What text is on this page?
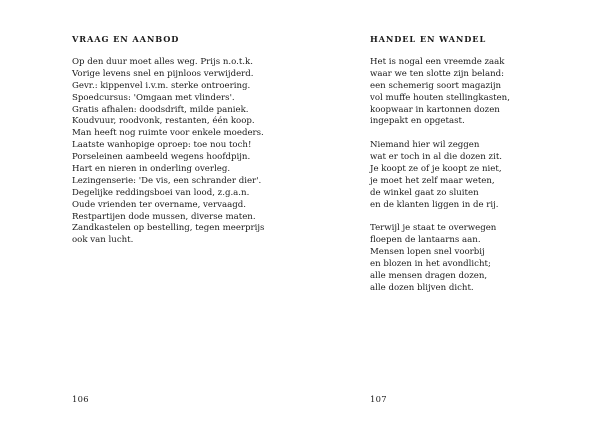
VRAAG EN AANBOD
Op den duur moet alles weg. Prijs n.o.t.k.
Vorige levens snel en pijnloos verwijderd.
Gevr.: kippenvel i.v.m. sterke ontroering.
Spoedcursus: 'Omgaan met vlinders'.
Gratis afhalen: doodsdrift, milde paniek.
Koudvuur, roodvonk, restanten, één koop.
Man heeft nog ruimte voor enkele moeders.
Laatste wanhopige oproep: toe nou toch!
Porseleinen aambeeld wegens hoofdpijn.
Hart en nieren in onderling overleg.
Lezingenserie: 'De vis, een schrander dier'.
Degelijke reddingsboei van lood, z.g.a.n.
Oude vrienden ter overname, vervaagd.
Restpartijen dode mussen, diverse maten.
Zandkastelen op bestelling, tegen meerprijs
ook van lucht.
106
HANDEL EN WANDEL
Het is nogal een vreemde zaak
waar we ten slotte zijn beland:
een schemerig soort magazijn
vol muffe houten stellingkasten,
koopwaar in kartonnen dozen
ingepakt en opgetast.
Niemand hier wil zeggen
wat er toch in al die dozen zit.
Je koopt ze of je koopt ze niet,
je moet het zelf maar weten,
de winkel gaat zo sluiten
en de klanten liggen in de rij.
Terwijl je staat te overwegen
floepen de lantaarns aan.
Mensen lopen snel voorbij
en blozen in het avondlicht;
alle mensen dragen dozen,
alle dozen blijven dicht.
107
